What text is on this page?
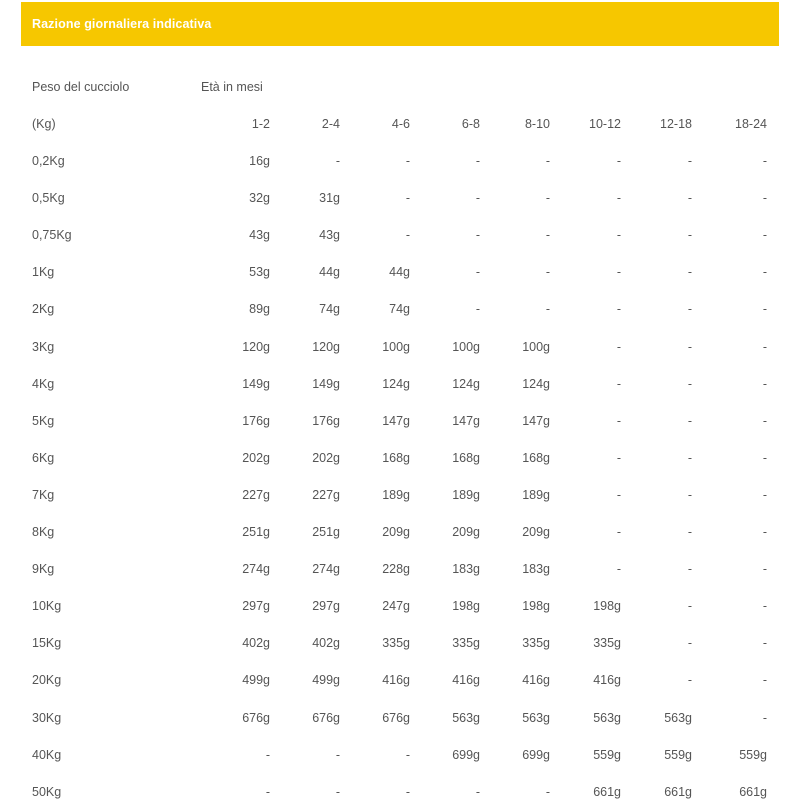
Razione giornaliera indicativa
Peso del cucciolo	Età in mesi
(Kg)	1-2	2-4	4-6	6-8	8-10	10-12	12-18	18-24
0,2Kg	16g	-	-	-	-	-	-	-
0,5Kg	32g	31g	-	-	-	-	-	-
0,75Kg	43g	43g	-	-	-	-	-	-
1Kg	53g	44g	44g	-	-	-	-	-
2Kg	89g	74g	74g	-	-	-	-	-
3Kg	120g	120g	100g	100g	100g	-	-	-
4Kg	149g	149g	124g	124g	124g	-	-	-
5Kg	176g	176g	147g	147g	147g	-	-	-
6Kg	202g	202g	168g	168g	168g	-	-	-
7Kg	227g	227g	189g	189g	189g	-	-	-
8Kg	251g	251g	209g	209g	209g	-	-	-
9Kg	274g	274g	228g	183g	183g	-	-	-
10Kg	297g	297g	247g	198g	198g	198g	-	-
15Kg	402g	402g	335g	335g	335g	335g	-	-
20Kg	499g	499g	416g	416g	416g	416g	-	-
30Kg	676g	676g	676g	563g	563g	563g	563g	-
40Kg	-	-	-	699g	699g	559g	559g	559g
50Kg	-	-	-	-	-	661g	661g	661g
